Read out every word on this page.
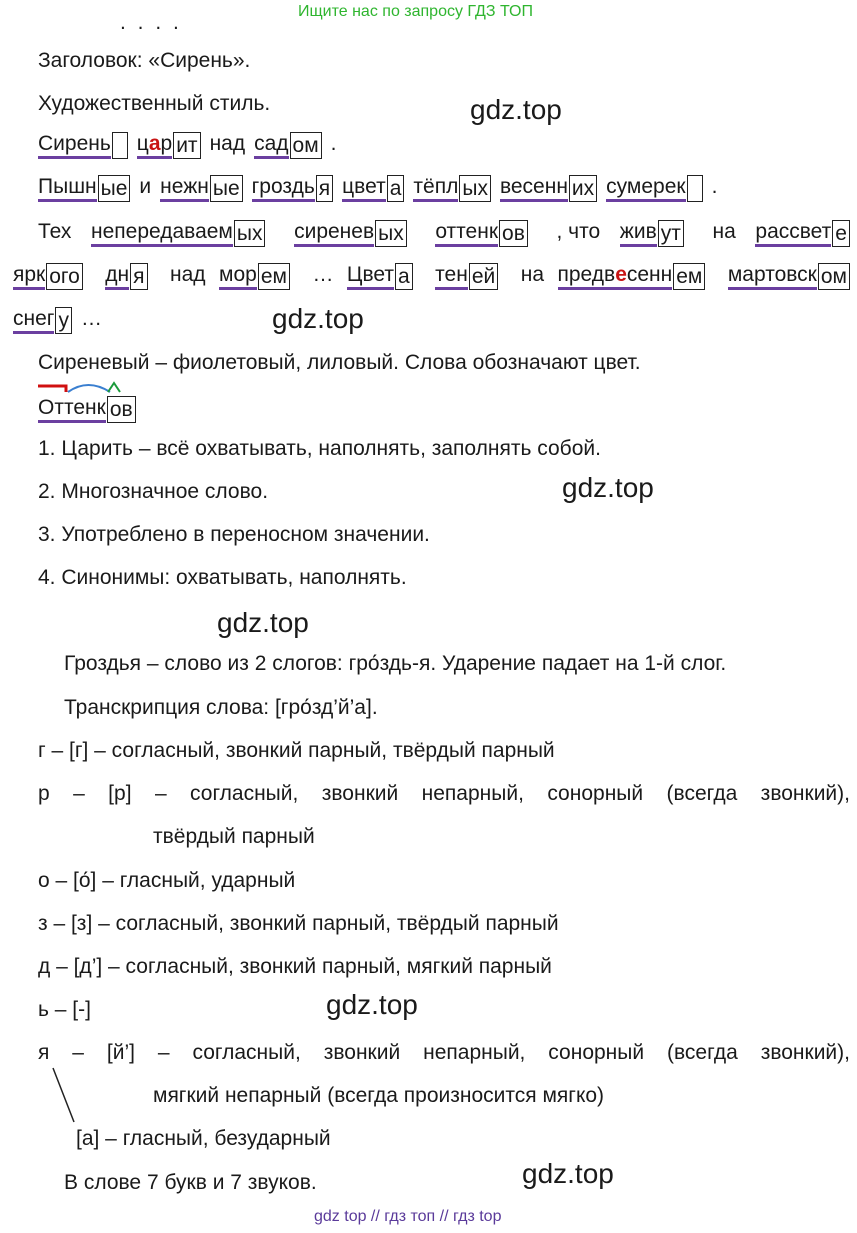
Ищите нас по запросу ГДЗ ТОП
. . . .
Заголовок: «Сирень».
Художественный стиль.	gdz.top
Сирень
цар ит над сад ом .
Пышн ые и нежн ые гроздь я цвет а тёпл ых весенн их сумерек
.
Тех непередаваем ых сиренев ых оттенк ов , что жив ут на рассвет е
ярк ого дн я над мор ем … Цвет а тен ей на предвесенн ем мартовск ом
снег у …	gdz.top
Сиреневый – фиолетовый, лиловый. Слова обозначают цвет.
Оттенк ов
1. Царить – всё охватывать, наполнять, заполнять собой.
2. Многозначное слово.	gdz.top
3. Употреблено в переносном значении.
4. Синонимы: охватывать, наполнять.
gdz.top
Гроздья – слово из 2 слогов: гро́здь-я. Ударение падает на 1-й слог.
Транскрипция слова: [гро́зд’й’а].
г – [г] – согласный, звонкий парный, твёрдый парный
р – [р] – согласный, звонкий непарный, сонорный (всегда звонкий),
твёрдый парный
о – [о́] – гласный, ударный
з – [з] – согласный, звонкий парный, твёрдый парный
д – [д’] – согласный, звонкий парный, мягкий парный
ь – [-]	gdz.top
я – [й’] – согласный, звонкий непарный, сонорный (всегда звонкий),
мягкий непарный (всегда произносится мягко)
[а] – гласный, безударный
В слове 7 букв и 7 звуков.	gdz.top
gdz top // гдз топ // гдз top
